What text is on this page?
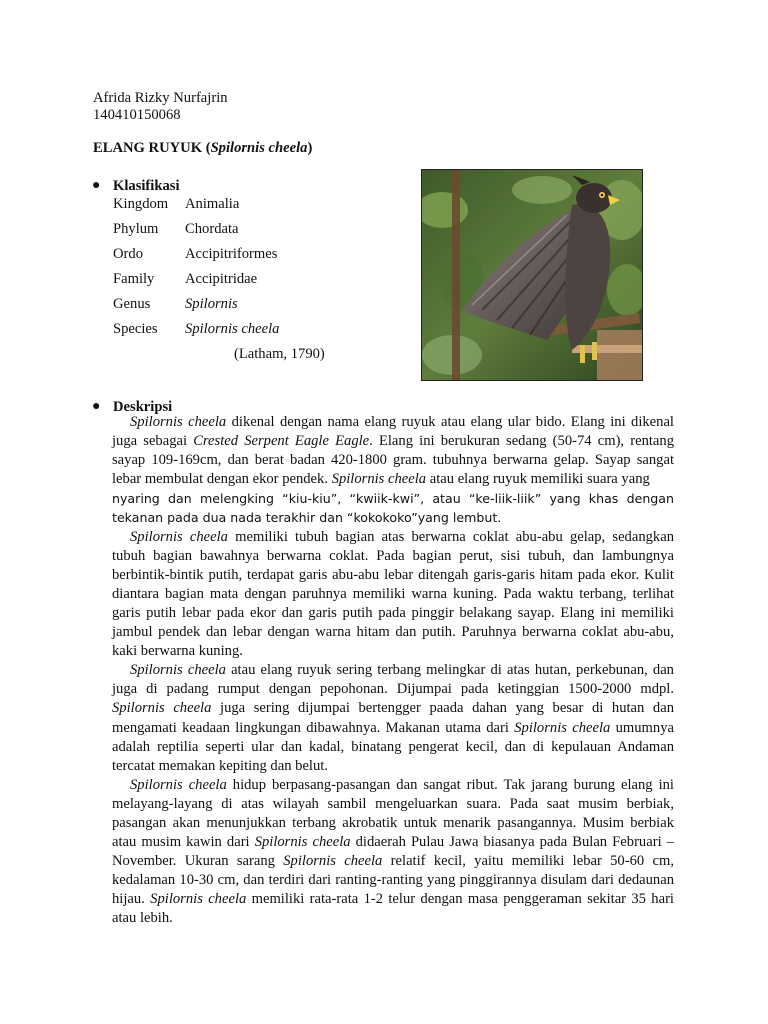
Afrida Rizky Nurfajrin
140410150068
ELANG RUYUK (Spilornis cheela)
● Klasifikasi
Kingdom	Animalia
Phylum	Chordata
Ordo	Accipitriformes
Family	Accipitridae
Genus	Spilornis
Species	Spilornis cheela
(Latham, 1790)
● Deskripsi

Spilornis cheela dikenal dengan nama elang ruyuk atau elang ular bido. Elang ini dikenal juga sebagai Crested Serpent Eagle Eagle. Elang ini berukuran sedang (50-74 cm), rentang sayap 109-169cm, dan berat badan 420-1800 gram. tubuhnya berwarna gelap. Sayap sangat lebar membulat dengan ekor pendek. Spilornis cheela atau elang ruyuk memiliki suara yang

nyaring dan melengking “kiu-kiu”, “kwiik-kwi”, atau “ke-liik-liik” yang khas dengan tekanan pada dua nada terakhir dan “kokokoko”yang lembut.

Spilornis cheela memiliki tubuh bagian atas berwarna coklat abu-abu gelap, sedangkan tubuh bagian bawahnya berwarna coklat. Pada bagian perut, sisi tubuh, dan lambungnya berbintik-bintik putih, terdapat garis abu-abu lebar ditengah garis-garis hitam pada ekor. Kulit diantara bagian mata dengan paruhnya memiliki warna kuning. Pada waktu terbang, terlihat garis putih lebar pada ekor dan garis putih pada pinggir belakang sayap. Elang ini memiliki jambul pendek dan lebar dengan warna hitam dan putih. Paruhnya berwarna coklat abu-abu, kaki berwarna kuning.

Spilornis cheela atau elang ruyuk sering terbang melingkar di atas hutan, perkebunan, dan juga di padang rumput dengan pepohonan. Dijumpai pada ketinggian 1500-2000 mdpl. Spilornis cheela juga sering dijumpai bertengger paada dahan yang besar di hutan dan mengamati keadaan lingkungan dibawahnya. Makanan utama dari Spilornis cheela umumnya adalah reptilia seperti ular dan kadal, binatang pengerat kecil, dan di kepulauan Andaman tercatat memakan kepiting dan belut.

Spilornis cheela hidup berpasang-pasangan dan sangat ribut. Tak jarang burung elang ini melayang-layang di atas wilayah sambil mengeluarkan suara. Pada saat musim berbiak, pasangan akan menunjukkan terbang akrobatik untuk menarik pasangannya. Musim berbiak atau musim kawin dari Spilornis cheela didaerah Pulau Jawa biasanya pada Bulan Februari – November. Ukuran sarang Spilornis cheela relatif kecil, yaitu memiliki lebar 50-60 cm, kedalaman 10-30 cm, dan terdiri dari ranting-ranting yang pinggirannya disulam dari dedaunan hijau. Spilornis cheela memiliki rata-rata 1-2 telur dengan masa penggeraman sekitar 35 hari atau lebih.
